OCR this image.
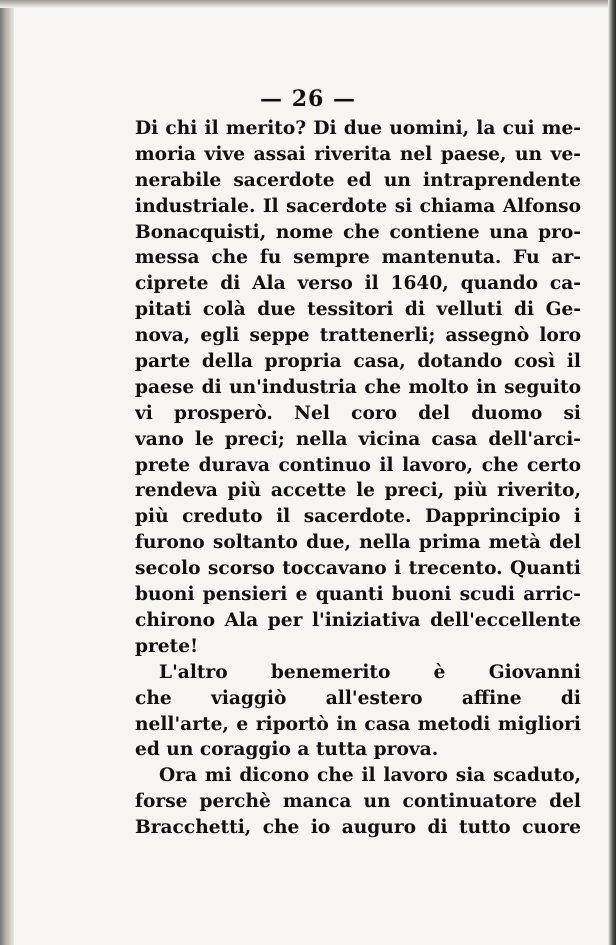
— 26 —
Di chi il merito? Di due uomini, la cui me-
moria vive assai riverita nel paese, un ve-
nerabile sacerdote ed un intraprendente
industriale. Il sacerdote si chiama Alfonso
Bonacquisti, nome che contiene una pro-
messa che fu sempre mantenuta. Fu ar-
ciprete di Ala verso il 1640, quando ca-
pitati colà due tessitori di velluti di Ge-
nova, egli seppe trattenerli; assegnò loro
parte della propria casa, dotando così il
paese di un'industria che molto in seguito
vi prosperò. Nel coro del duomo si
vano le preci; nella vicina casa dell'arci-
prete durava continuo il lavoro, che certo
rendeva più accette le preci, più riverito,
più creduto il sacerdote. Dapprincipio i
furono soltanto due, nella prima metà del
secolo scorso toccavano i trecento. Quanti
buoni pensieri e quanti buoni scudi arric-
chirono Ala per l'iniziativa dell'eccellente
prete!
L'altro benemerito è Giovanni
che viaggiò all'estero affine di
nell'arte, e riportò in casa metodi migliori
ed un coraggio a tutta prova.
Ora mi dicono che il lavoro sia scaduto,
forse perchè manca un continuatore del
Bracchetti, che io auguro di tutto cuore
